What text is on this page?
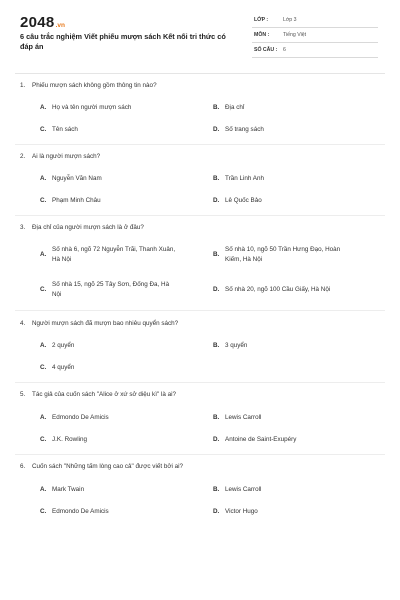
2048 .vn
6 câu trắc nghiệm Viết phiếu mượn sách Kết nối tri thức có đáp án
LỚP :	Lớp 3
MÔN :	Tiếng Việt
SỐ CÂU : 6
1. Phiếu mượn sách không gồm thông tin nào?
A. Họ và tên người mượn sách	B. Địa chỉ
C. Tên sách	D. Số trang sách
2. Ai là người mượn sách?
A. Nguyễn Văn Nam	B. Trần Linh Anh
C. Phạm Minh Châu	D. Lê Quốc Bảo
3. Địa chỉ của người mượn sách là ở đâu?
A.
Số nhà 6, ngõ 72 Nguyễn Trãi, Thanh Xuân,
Hà Nội
B.
Số nhà 10, ngõ 50 Trần Hưng Đạo, Hoàn
Kiếm, Hà Nội
C.
Số nhà 15, ngõ 25 Tây Sơn, Đống Đa, Hà
Nội
D. Số nhà 20, ngõ 100 Cầu Giấy, Hà Nội
4. Người mượn sách đã mượn bao nhiêu quyển sách?
A. 2 quyển	B. 3 quyển
C. 4 quyển
5. Tác giả của cuốn sách "Alice ở xứ sở diệu kì" là ai?
A. Edmondo De Amicis	B. Lewis Carroll
C. J.K. Rowling	D. Antoine de Saint-Exupéry
6. Cuốn sách "Những tấm lòng cao cả" được viết bởi ai?
A. Mark Twain	B. Lewis Carroll
C. Edmondo De Amicis	D. Victor Hugo
